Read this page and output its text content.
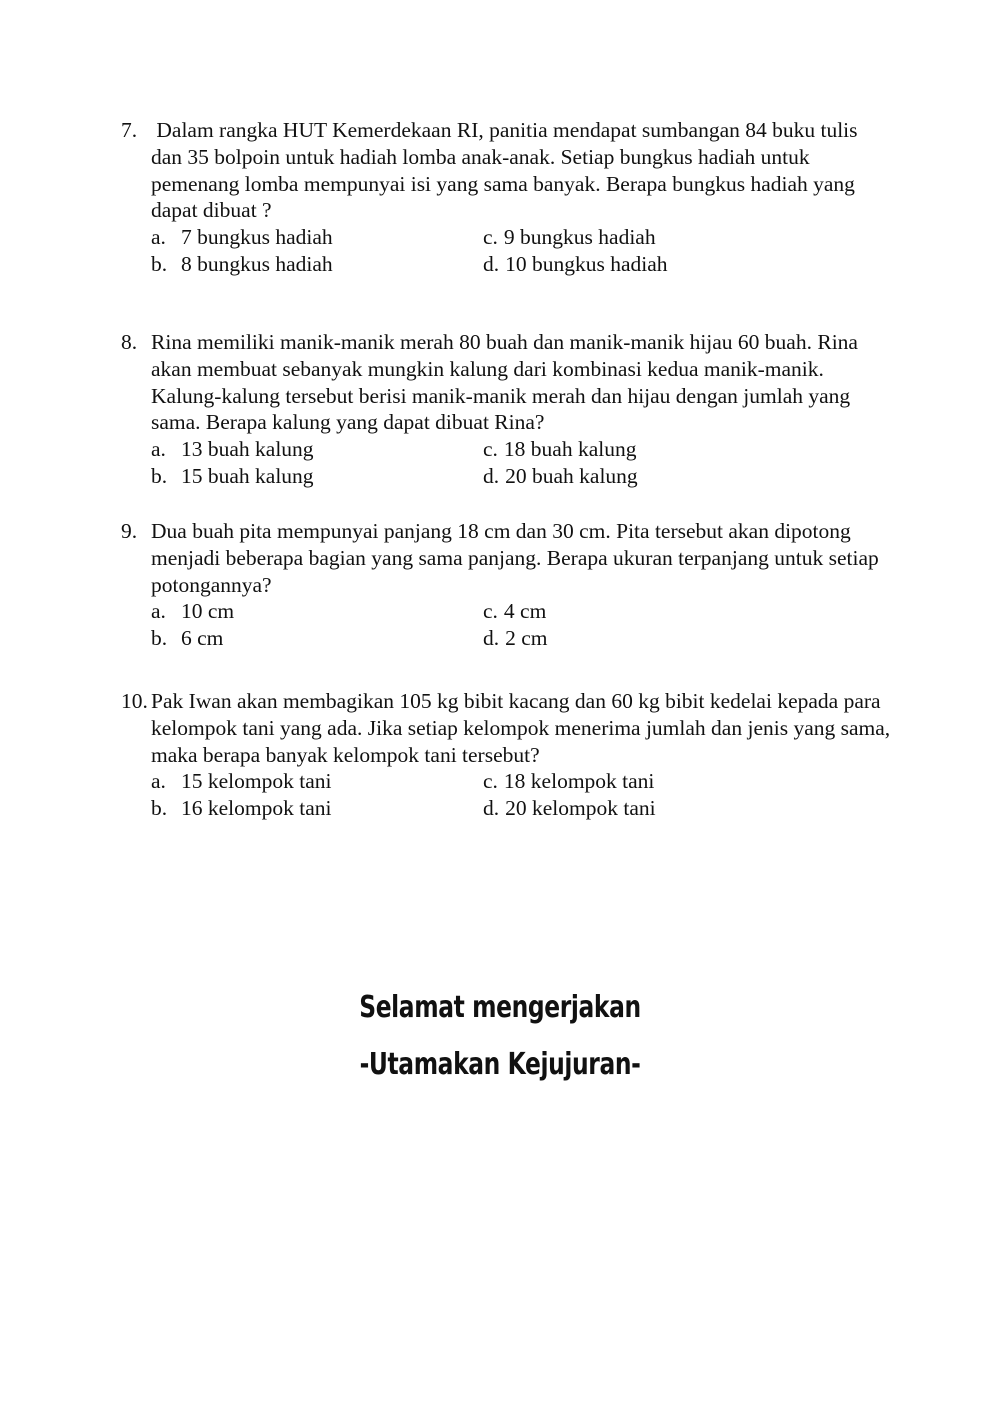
7. Dalam rangka HUT Kemerdekaan RI, panitia mendapat sumbangan 84 buku tulis dan 35 bolpoin untuk hadiah lomba anak-anak. Setiap bungkus hadiah untuk pemenang lomba mempunyai isi yang sama banyak. Berapa bungkus hadiah yang dapat dibuat ?
a. 7 bungkus hadiah	c. 9 bungkus hadiah
b. 8 bungkus hadiah	d. 10 bungkus hadiah
8. Rina memiliki manik-manik merah 80 buah dan manik-manik hijau 60 buah. Rina akan membuat sebanyak mungkin kalung dari kombinasi kedua manik-manik. Kalung-kalung tersebut berisi manik-manik merah dan hijau dengan jumlah yang sama. Berapa kalung yang dapat dibuat Rina?
a. 13 buah kalung	c. 18 buah kalung
b. 15 buah kalung	d. 20 buah kalung
9. Dua buah pita mempunyai panjang 18 cm dan 30 cm. Pita tersebut akan dipotong menjadi beberapa bagian yang sama panjang. Berapa ukuran terpanjang untuk setiap potongannya?
a. 10 cm	c. 4 cm
b. 6 cm	d. 2 cm
10. Pak Iwan akan membagikan 105 kg bibit kacang dan 60 kg bibit kedelai kepada para kelompok tani yang ada. Jika setiap kelompok menerima jumlah dan jenis yang sama, maka berapa banyak kelompok tani tersebut?
a. 15 kelompok tani	c. 18 kelompok tani
b. 16 kelompok tani	d. 20 kelompok tani
Selamat mengerjakan
-Utamakan Kejujuran-
